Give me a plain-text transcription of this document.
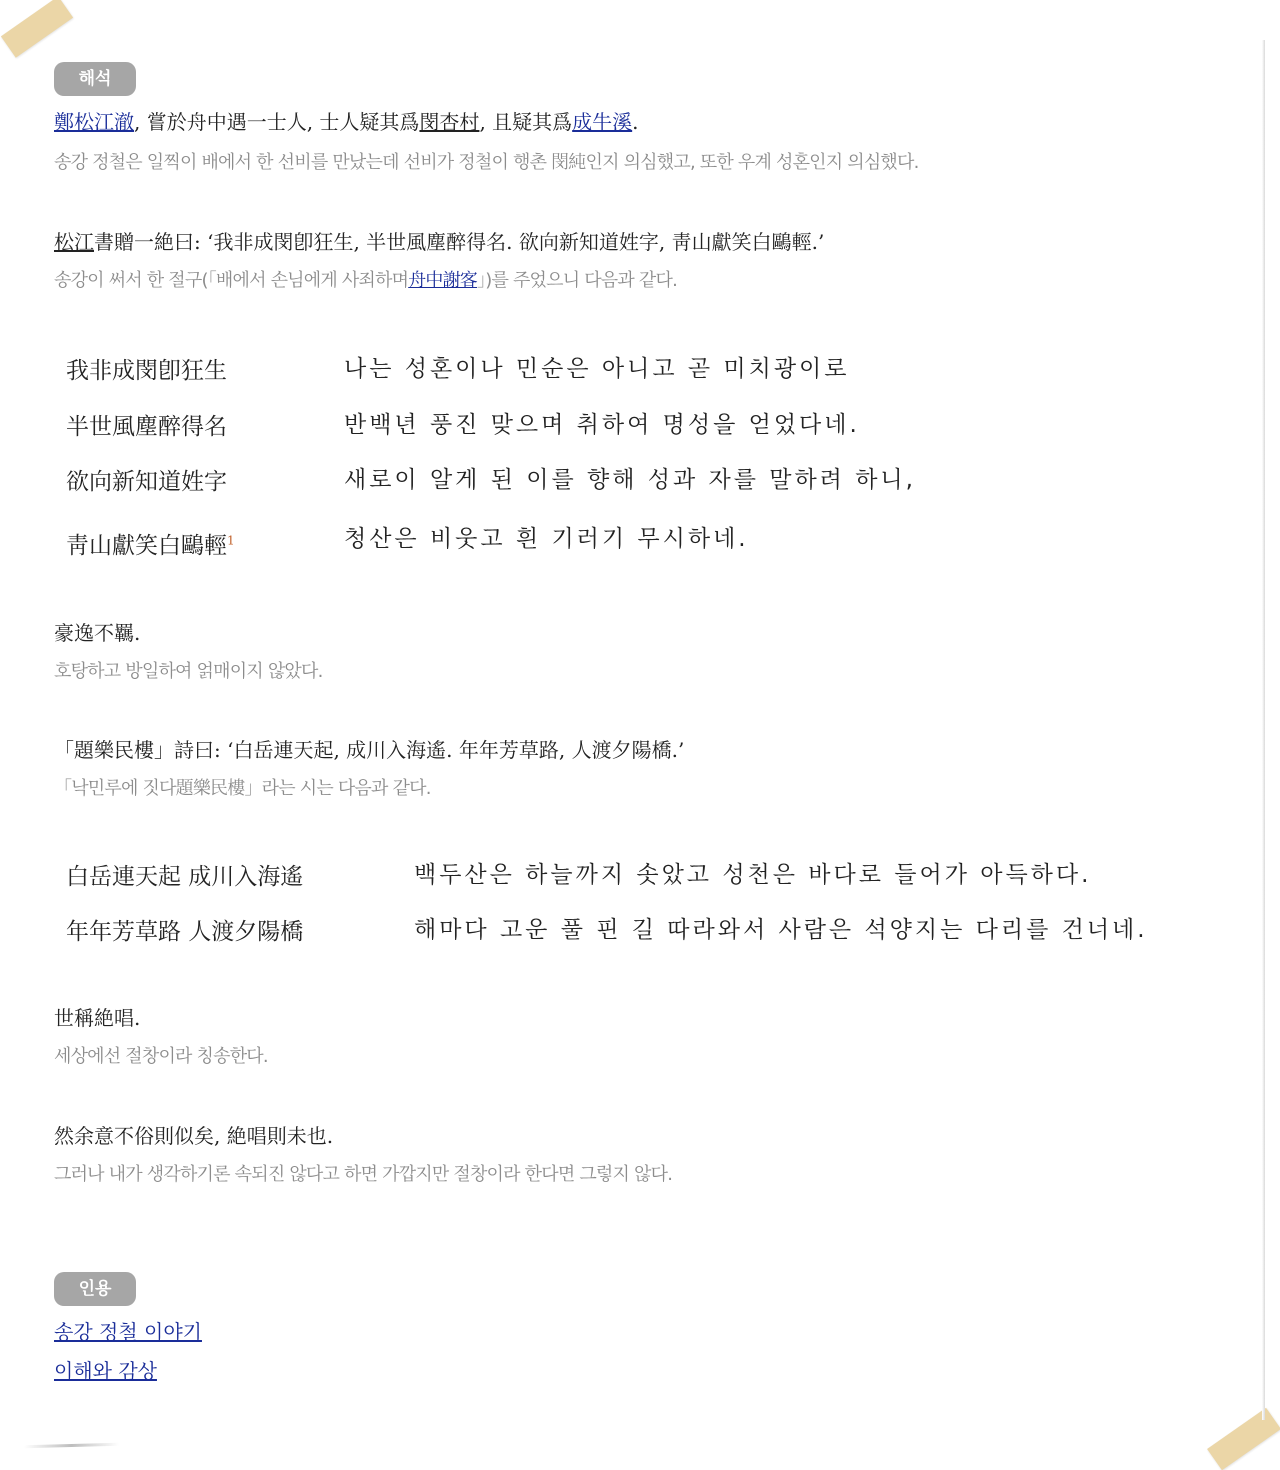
해석
鄭松江澈, 嘗於舟中遇一士人, 士人疑其爲閔杏村, 且疑其爲成牛溪.
송강 정철은 일찍이 배에서 한 선비를 만났는데 선비가 정철이 행촌 閔純인지 의심했고, 또한 우계 성혼인지 의심했다.
松江書贈一絶曰: ‘我非成閔卽狂生, 半世風塵醉得名. 欲向新知道姓字, 靑山獻笑白鷗輕.’
송강이 써서 한 절구(「배에서 손님에게 사죄하며舟中謝客」)를 주었으니 다음과 같다.
我非成閔卽狂生	나는 성혼이나 민순은 아니고 곧 미치광이로
半世風塵醉得名	반백년 풍진 맞으며 취하여 명성을 얻었다네.
欲向新知道姓字	새로이 알게 된 이를 향해 성과 자를 말하려 하니,
靑山獻笑白鷗輕$^1$	청산은 비웃고 흰 기러기 무시하네.
豪逸不羈.
호탕하고 방일하여 얽매이지 않았다.
「題樂民樓」詩曰: ‘白岳連天起, 成川入海遙. 年年芳草路, 人渡夕陽橋.’
「낙민루에 짓다題樂民樓」라는 시는 다음과 같다.
白岳連天起 成川入海遙	백두산은 하늘까지 솟았고 성천은 바다로 들어가 아득하다.
年年芳草路 人渡夕陽橋	해마다 고운 풀 핀 길 따라와서 사람은 석양지는 다리를 건너네.
世稱絶唱.
세상에선 절창이라 칭송한다.
然余意不俗則似矣, 絶唱則未也.
그러나 내가 생각하기론 속되진 않다고 하면 가깝지만 절창이라 한다면 그렇지 않다.
인용
송강 정철 이야기
이해와 감상
